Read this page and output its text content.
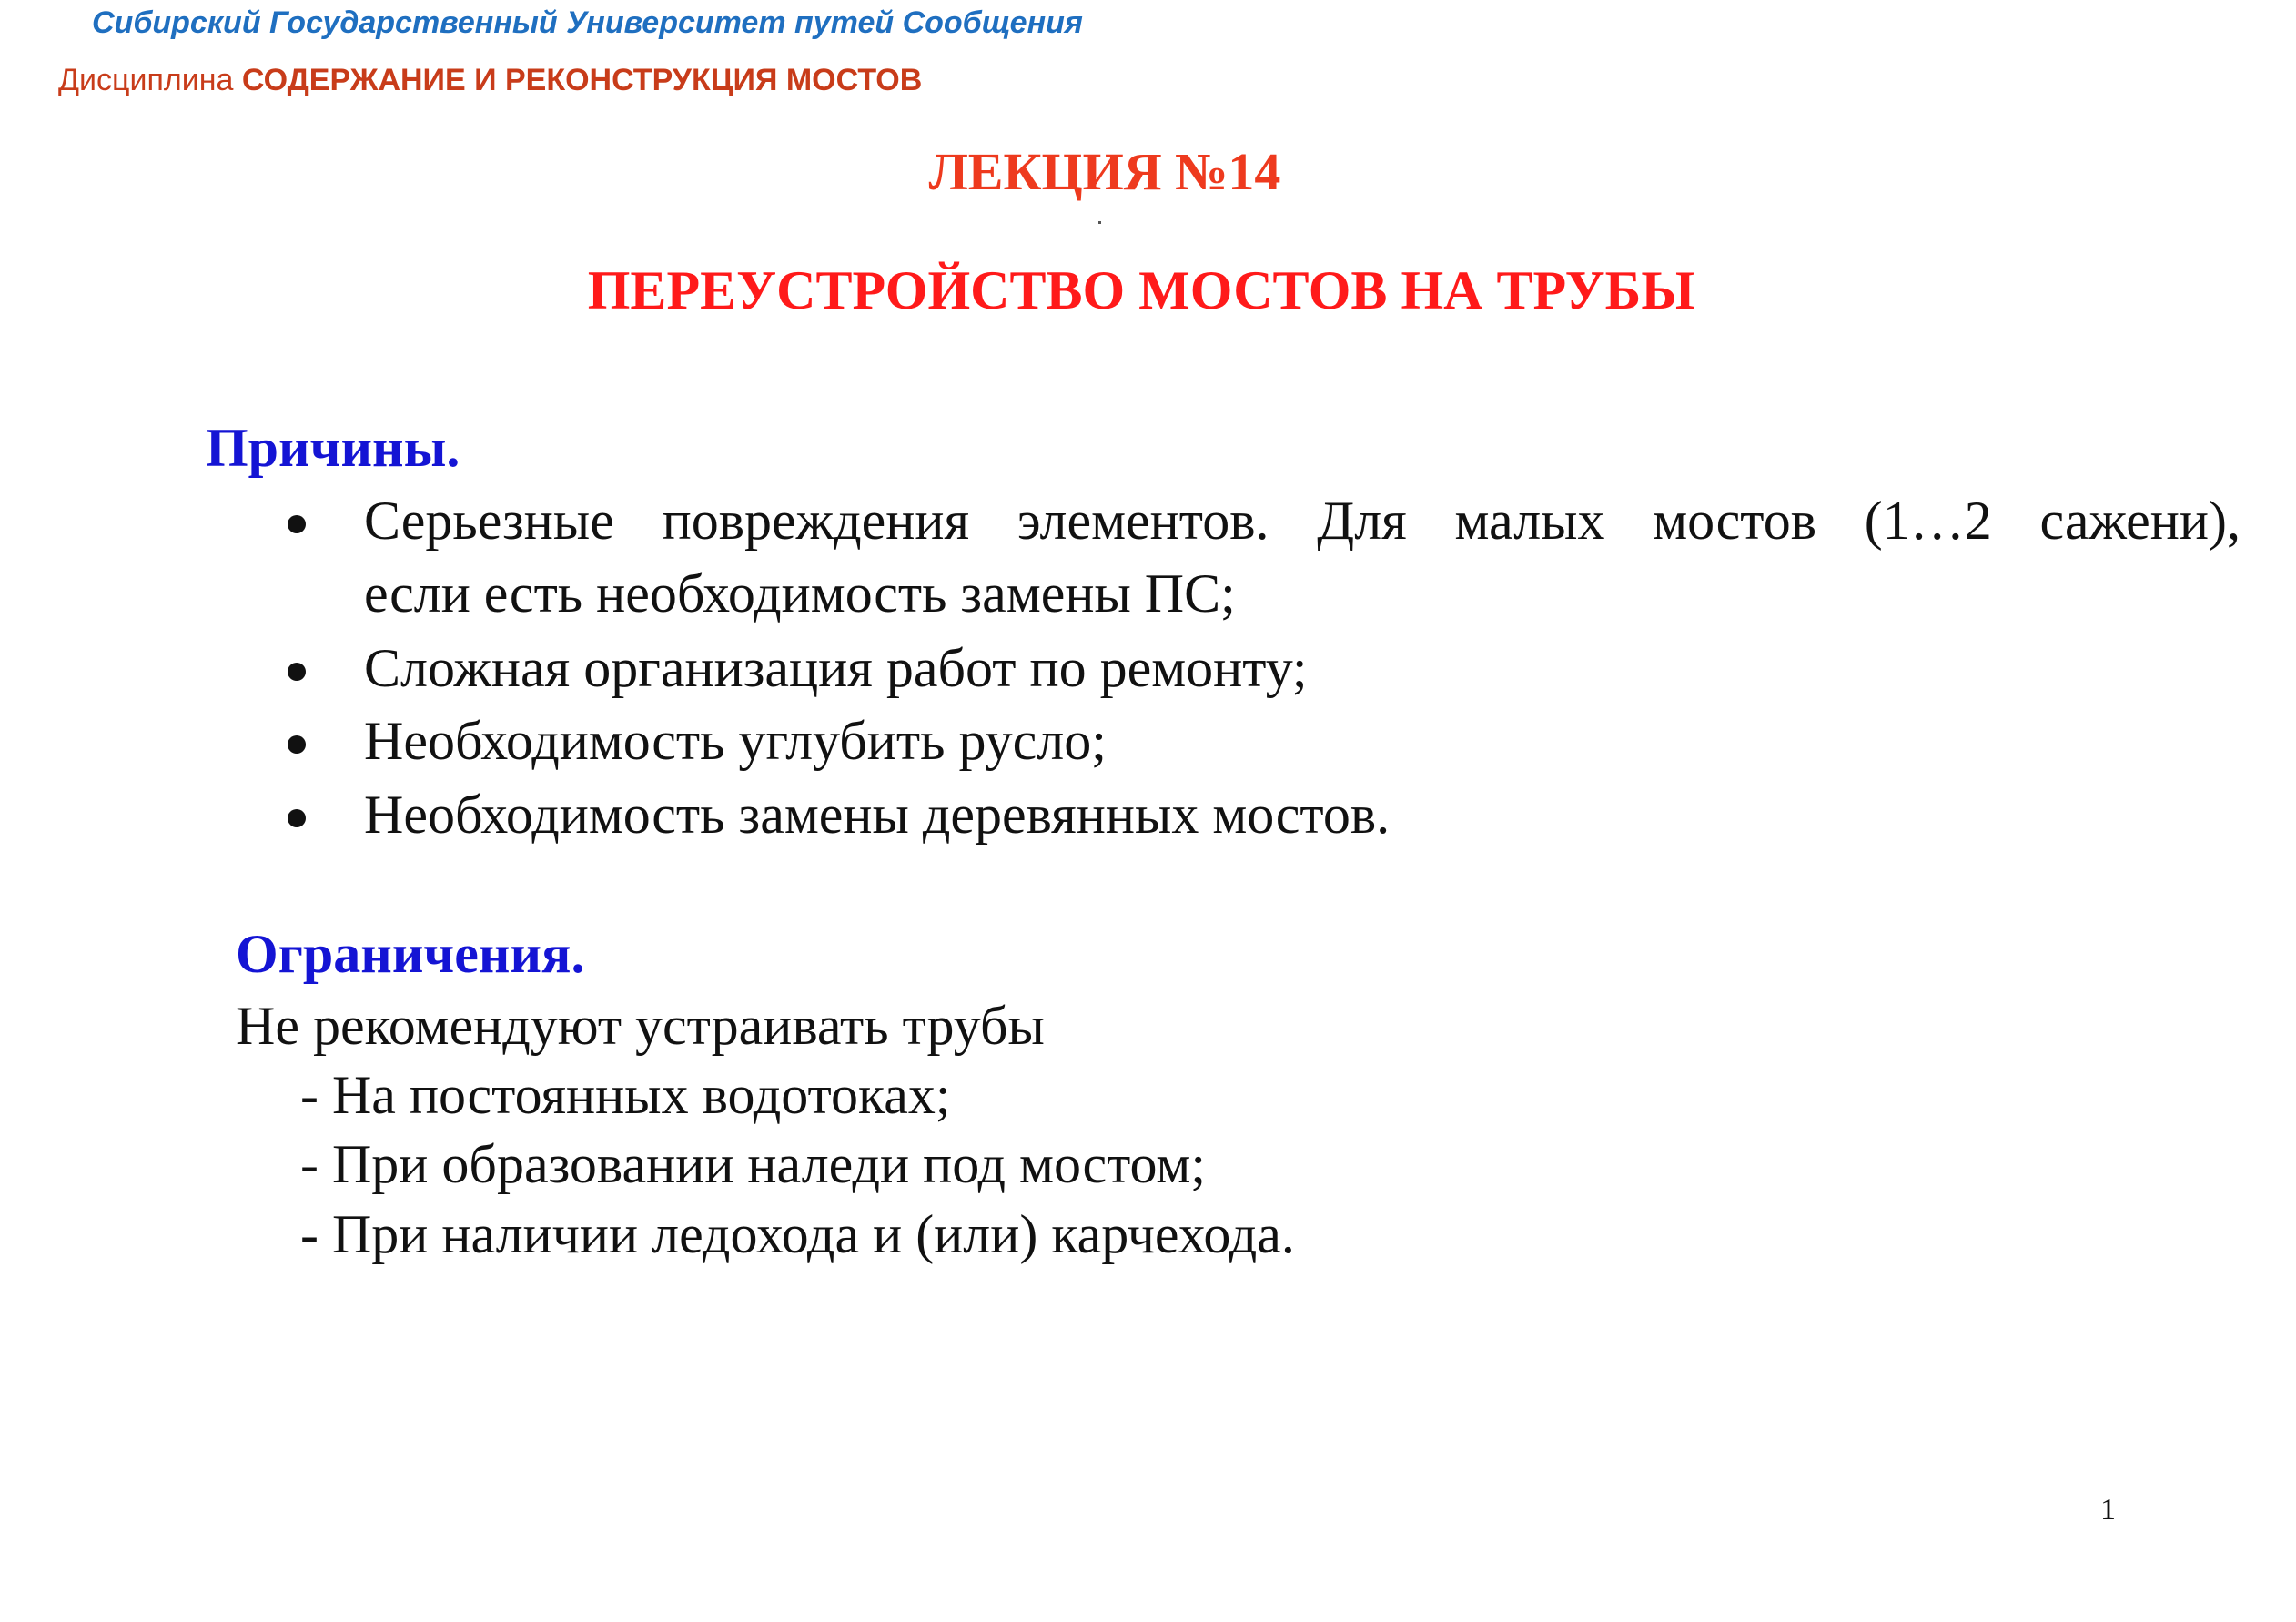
Сибирский Государственный Университет путей Сообщения

Дисциплина СОДЕРЖАНИЕ И РЕКОНСТРУКЦИЯ МОСТОВ

ЛЕКЦИЯ №14
ПЕРЕУСТРОЙСТВО МОСТОВ НА ТРУБЫ
Причины.

Серьезные повреждения элементов. Для малых мостов (1…2 сажени),

если есть необходимость замены ПС;

Сложная организация работ по ремонту;

Необходимость углубить русло;

Необходимость замены деревянных мостов.

Ограничения.

Не рекомендуют устраивать трубы

- На постоянных водотоках;

- При образовании наледи под мостом;

- При наличии ледохода и (или) карчехода.

1
